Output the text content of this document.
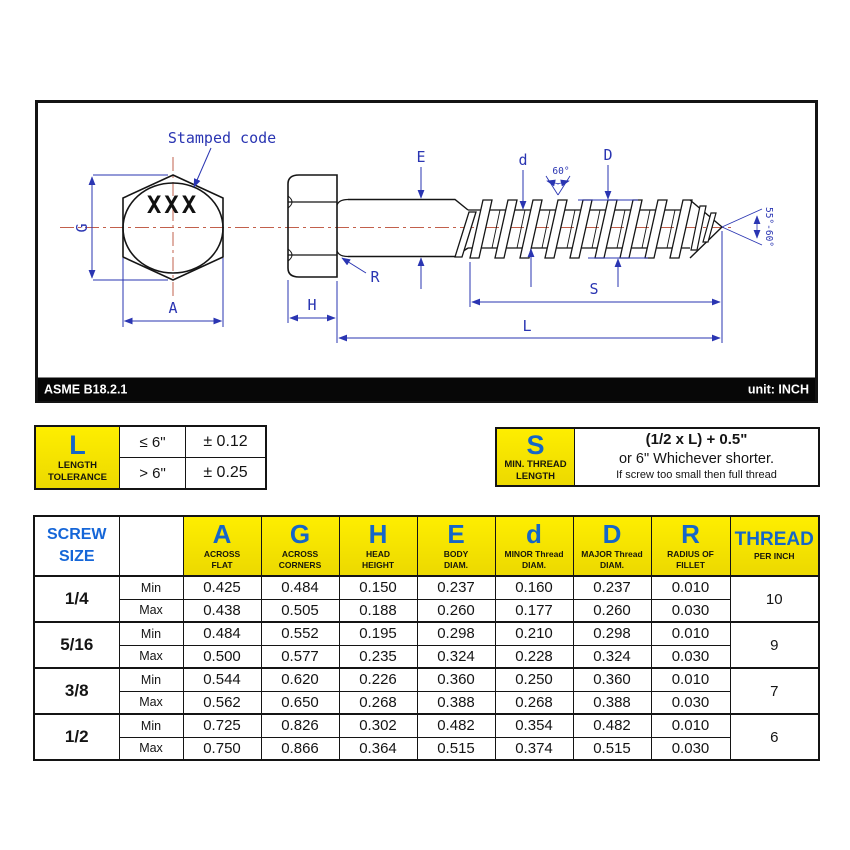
XXX
G
A	H
E	d	D
R
S
L
Stamped code
60°
55°-60°
ASME B18.2.1	unit: INCH
L
LENGTH
TOLERANCE	≤ 6"	± 0.12
	> 6"	± 0.25
S
MIN. THREAD
LENGTH

(1/2 x L) + 0.5"
or 6" Whichever shorter.
If screw too small then full thread
SCREW
SIZE

A
ACROSS
FLAT

G
ACROSS
CORNERS

H
HEAD
HEIGHT

E
BODY
DIAM.

d
MINOR Thread
DIAM.

D
MAJOR Thread
DIAM.

R
RADIUS OF
FILLET

THREAD
PER INCH

1/4	Min	0.425	0.484	0.150	0.237	0.160	0.237	0.010	10
	Max	0.438	0.505	0.188	0.260	0.177	0.260	0.030	
5/16	Min	0.484	0.552	0.195	0.298	0.210	0.298	0.010	9
	Max	0.500	0.577	0.235	0.324	0.228	0.324	0.030	
3/8	Min	0.544	0.620	0.226	0.360	0.250	0.360	0.010	7
	Max	0.562	0.650	0.268	0.388	0.268	0.388	0.030	
1/2	Min	0.725	0.826	0.302	0.482	0.354	0.482	0.010	6
	Max	0.750	0.866	0.364	0.515	0.374	0.515	0.030	
